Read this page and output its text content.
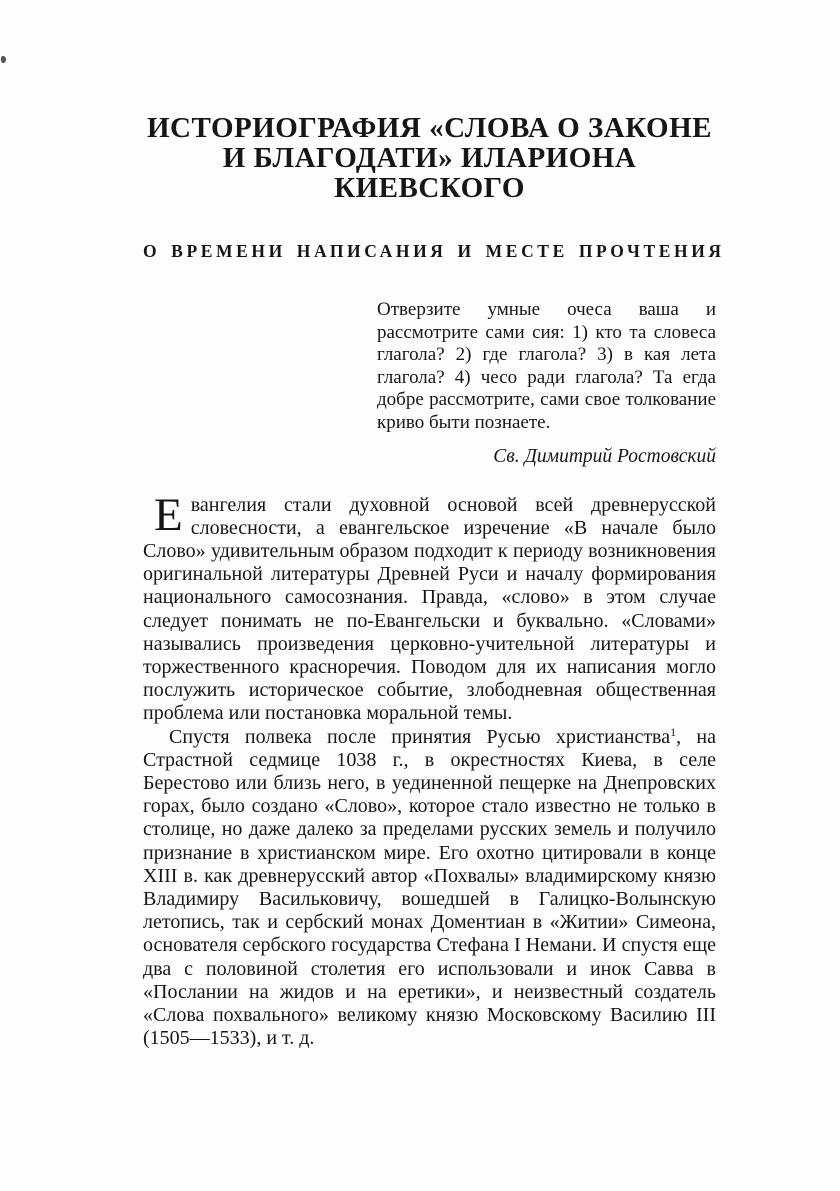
ИСТОРИОГРАФИЯ «СЛОВА О ЗАКОНЕ
И БЛАГОДАТИ» ИЛАРИОНА КИЕВСКОГО
О ВРЕМЕНИ НАПИСАНИЯ И МЕСТЕ ПРОЧТЕНИЯ
Отверзите умные очеса ваша и рассмотрите сами сия: 1) кто та словеса глагола? 2) где глагола? 3) в кая лета глагола? 4) чесо ради глагола? Та егда добре рассмотрите, сами свое толкование криво быти познаете.
Св. Димитрий Ростовский

Евангелия стали духовной основой всей древнерусской словесности, а евангельское изречение «В начале было Слово» удивительным образом подходит к периоду возникновения оригинальной литературы Древней Руси и началу формирования национального самосознания. Правда, «слово» в этом случае следует понимать не по-Евангельски и буквально. «Словами» назывались произведения церковно-учительной литературы и торжественного красноречия. Поводом для их написания могло послужить историческое событие, злободневная общественная проблема или постановка моральной темы.

Спустя полвека после принятия Русью христианства$^1$, на Страстной седмице 1038 г., в окрестностях Киева, в селе Берестово или близь него, в уединенной пещерке на Днепровских горах, было создано «Слово», которое стало известно не только в столице, но даже далеко за пределами русских земель и получило признание в христианском мире. Его охотно цитировали в конце XIII в. как древнерусский автор «Похвалы» владимирскому князю Владимиру Васильковичу, вошедшей в Галицко-Волынскую летопись, так и сербский монах Доментиан в «Житии» Симеона, основателя сербского государства Стефана I Немани. И спустя еще два с половиной столетия его использовали и инок Савва в «Послании на жидов и на еретики», и неизвестный создатель «Слова похвального» великому князю Московскому Василию III (1505—1533), и т. д.
